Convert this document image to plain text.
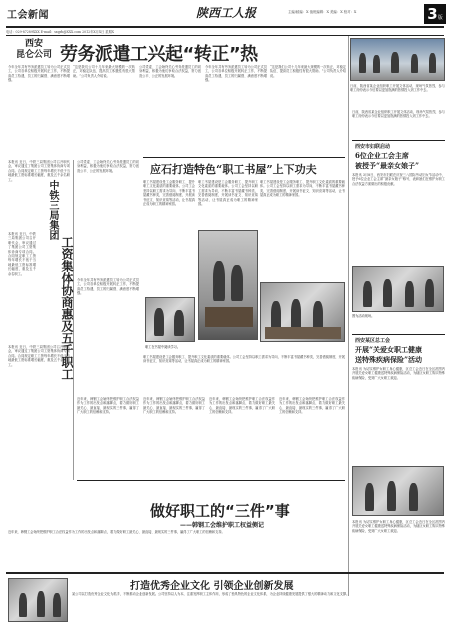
工会新闻	陕西工人报	主编/邮编：X 值班编辑：X 美编：X 校对：X	3版
电话：029-87289XXX E-mail：sxgrb@XXX.com 2012年X月X日 星期X
西安
昆仑公司 劳务派遣工兴起“转正”热
今年全年共有劳务派遣员工转为公司正式员工，公司各单位积极开展转正工作，不断提高员工待遇，员工的归属感、满意度不断增强。
“这是我们公司十几年来最大规模的一次转正，对稳定队伍、提高员工积极性有很大帮助。”公司负责人介绍说。
公司党委、工会始终关心劳务派遣员工的切身利益，积极为他们争取合法权益，努力创造公平、公正的发展环境。
今年全年共有劳务派遣员工转为公司正式员工，公司各单位积极开展转正工作，不断提高员工待遇，员工的归属感、满意度不断增强。
日前，陕西省某企业组织职工开展文体活动，现场气氛热烈，参与职工纷纷表示今后要以更加饱满的热情投入到工作中去。
“这是我们公司十几年来最大规模的一次转正，对稳定队伍、提高员工积极性有很大帮助。”公司负责人介绍说。
本报讯 近日，中铁三局集团公司召开职代会，审议通过了集团公司工资集体协商专项合同。合同规定职工工资每年增长不低于当地最低工资标准增长幅度，惠及五千余名职工。
本报讯 近日，中铁三局集团公司召开职代会，审议通过了集团公司工资集体协商专项合同。合同规定职工工资每年增长不低于当地最低工资标准增长幅度，惠及五千余名职工。
中铁三局集团
工资集体协商惠及五千职工
本报讯 近日，中铁三局集团公司召开职代会，审议通过了集团公司工资集体协商专项合同。合同规定职工工资每年增长不低于当地最低工资标准增长幅度，惠及五千余名职工。
公司党委、工会始终关心劳务派遣员工的切身利益，积极为他们争取合法权益，努力创造公平、公正的发展环境。
今年全年共有劳务派遣员工转为公司正式员工，公司各单位积极开展转正工作，不断提高员工待遇，员工的归属感、满意度不断增强。
应石打造特色“职工书屋”上下功夫
职工书屋建设是工会服务职工、提升职工文化素质的重要载体。公司工会坚持以职工需求为导向，不断丰富书屋藏书种类，完善借阅制度，开展读书征文、知识竞赛等活动，让书屋真正成为职工的精神家园。
职工书屋建设是工会服务职工、提升职工文化素质的重要载体。公司工会坚持以职工需求为导向，不断丰富书屋藏书种类，完善借阅制度，开展读书征文、知识竞赛等活动，让书屋真正成为职工的精神家园。
职工书屋建设是工会服务职工、提升职工文化素质的重要载体。公司工会坚持以职工需求为导向，不断丰富书屋藏书种类，完善借阅制度，开展读书征文、知识竞赛等活动，让书屋真正成为职工的精神家园。
职工在书屋中阅读学习。
职工书屋建设是工会服务职工、提升职工文化素质的重要载体。公司工会坚持以职工需求为导向，不断丰富书屋藏书种类，完善借阅制度，开展读书征文、知识竞赛等活动，让书屋真正成为职工的精神家园。
日前，陕西省某企业组织职工开展文体活动，现场气氛热烈，参与职工纷纷表示今后要以更加饱满的热情投入到工作中去。
西安市妇联启动
6位企业工会主席
被授予“最亲女娘子”
本报讯 3月8日，西安市妇联在庆祝三八国际劳动妇女节活动中，授予6位企业工会主席“最亲女娘子”称号，表彰她们在维护女职工合法权益方面做出的积极贡献。
图为活动现场。
西安某区总工会
开展“关爱女职工健康
送特殊疾病保险”活动
本报讯 为切实维护女职工身心健康，区总工会近日在全区范围内开展关爱女职工健康送特殊疾病保险活动，为辖区女职工购买特殊疾病保险，受到广大女职工欢迎。
本报讯 为切实维护女职工身心健康，区总工会近日在全区范围内开展关爱女职工健康送特殊疾病保险活动，为辖区女职工购买特殊疾病保险，受到广大女职工欢迎。
做好职工的“三件”事
——韩钢工会维护职工权益侧记
近年来，韩钢工会始终把维护职工合法权益作为工作的出发点和落脚点，着力做好职工最关心、最直接、最现实的三件事，赢得了广大职工的信赖和支持。
近年来，韩钢工会始终把维护职工合法权益作为工作的出发点和落脚点，着力做好职工最关心、最直接、最现实的三件事，赢得了广大职工的信赖和支持。
近年来，韩钢工会始终把维护职工合法权益作为工作的出发点和落脚点，着力做好职工最关心、最直接、最现实的三件事，赢得了广大职工的信赖和支持。
近年来，韩钢工会始终把维护职工合法权益作为工作的出发点和落脚点，着力做好职工最关心、最直接、最现实的三件事，赢得了广大职工的信赖和支持。
近年来，韩钢工会始终把维护职工合法权益作为工作的出发点和落脚点，着力做好职工最关心、最直接、最现实的三件事，赢得了广大职工的信赖和支持。
打造优秀企业文化 引领企业创新发展
某公司以打造优秀企业文化为抓手，不断推动企业创新发展。公司坚持以人为本，注重发挥职工主体作用，形成了独具特色的企业文化体系，为企业持续健康发展提供了强大的精神动力和文化支撑。
